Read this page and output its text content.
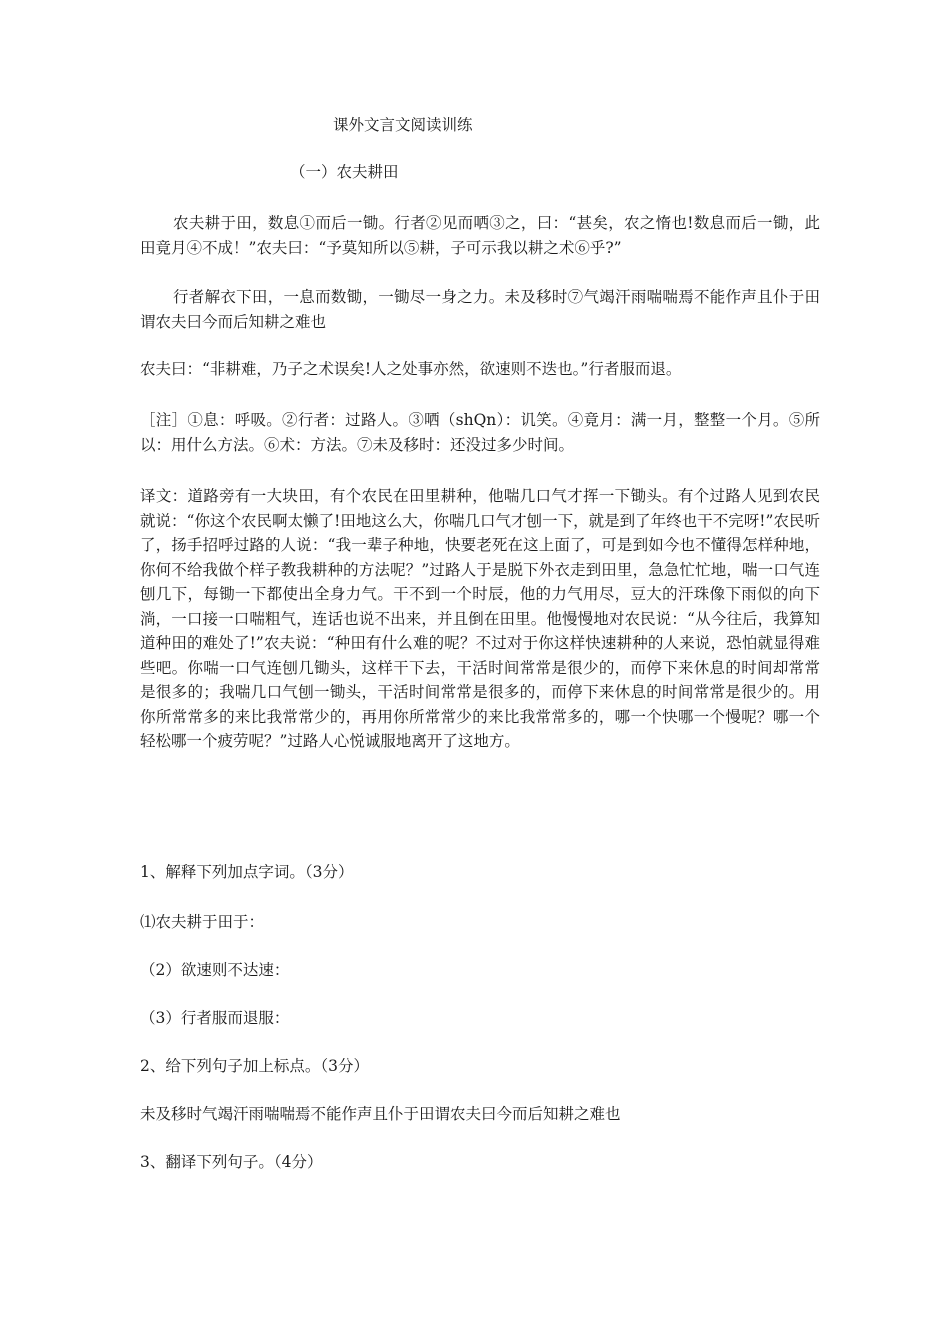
课外文言文阅读训练
（一）农夫耕田
农夫耕于田，数息①而后一锄。行者②见而哂③之，曰：“甚矣，农之惰也!数息而后一锄，此田竟月④不成！”农夫曰：“予莫知所以⑤耕，子可示我以耕之术⑥乎?”
行者解衣下田，一息而数锄，一锄尽一身之力。未及移时⑦气竭汗雨喘喘焉不能作声且仆于田谓农夫曰今而后知耕之难也
农夫曰：“非耕难，乃子之术误矣!人之处事亦然，欲速则不迭也。”行者服而退。
［注］①息：呼吸。②行者：过路人。③哂（shQn）：讥笑。④竟月：满一月，整整一个月。⑤所以：用什么方法。⑥术：方法。⑦未及移时：还没过多少时间。
译文：道路旁有一大块田，有个农民在田里耕种，他喘几口气才挥一下锄头。有个过路人见到农民就说：“你这个农民啊太懒了!田地这么大，你喘几口气才刨一下，就是到了年终也干不完呀!”农民听了，扬手招呼过路的人说：“我一辈子种地，快要老死在这上面了，可是到如今也不懂得怎样种地，你何不给我做个样子教我耕种的方法呢？”过路人于是脱下外衣走到田里，急急忙忙地，喘一口气连刨几下，每锄一下都使出全身力气。干不到一个时辰，他的力气用尽，豆大的汗珠像下雨似的向下淌，一口接一口喘粗气，连话也说不出来，并且倒在田里。他慢慢地对农民说：“从今往后，我算知道种田的难处了!”农夫说：“种田有什么难的呢？不过对于你这样快速耕种的人来说，恐怕就显得难些吧。你喘一口气连刨几锄头，这样干下去，干活时间常常是很少的，而停下来休息的时间却常常是很多的；我喘几口气刨一锄头，干活时间常常是很多的，而停下来休息的时间常常是很少的。用你所常常多的来比我常常少的，再用你所常常少的来比我常常多的，哪一个快哪一个慢呢？哪一个轻松哪一个疲劳呢？”过路人心悦诚服地离开了这地方。
1、解释下列加点字词。（3分）
⑴农夫耕于田于：
（2）欲速则不达速：
（3）行者服而退服：
2、给下列句子加上标点。（3分）
未及移时气竭汗雨喘喘焉不能作声且仆于田谓农夫曰今而后知耕之难也
3、翻译下列句子。（4分）
